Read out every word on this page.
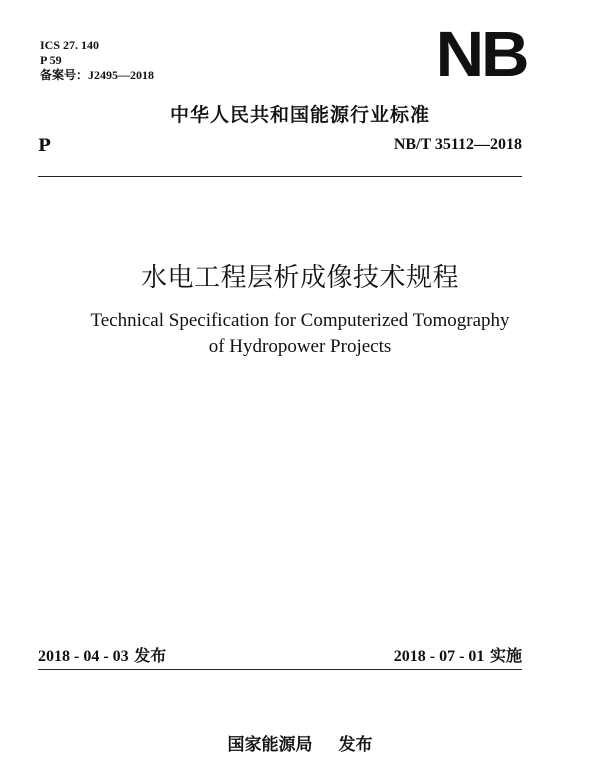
ICS 27. 140
P 59
备案号：J2495—2018	NB
中华人民共和国能源行业标准
P	NB/T 35112—2018
水电工程层析成像技术规程
Technical Specification for Computerized Tomography
of Hydropower Projects
2018 - 04 - 03 发布	2018 - 07 - 01 实施
国家能源局 发布
